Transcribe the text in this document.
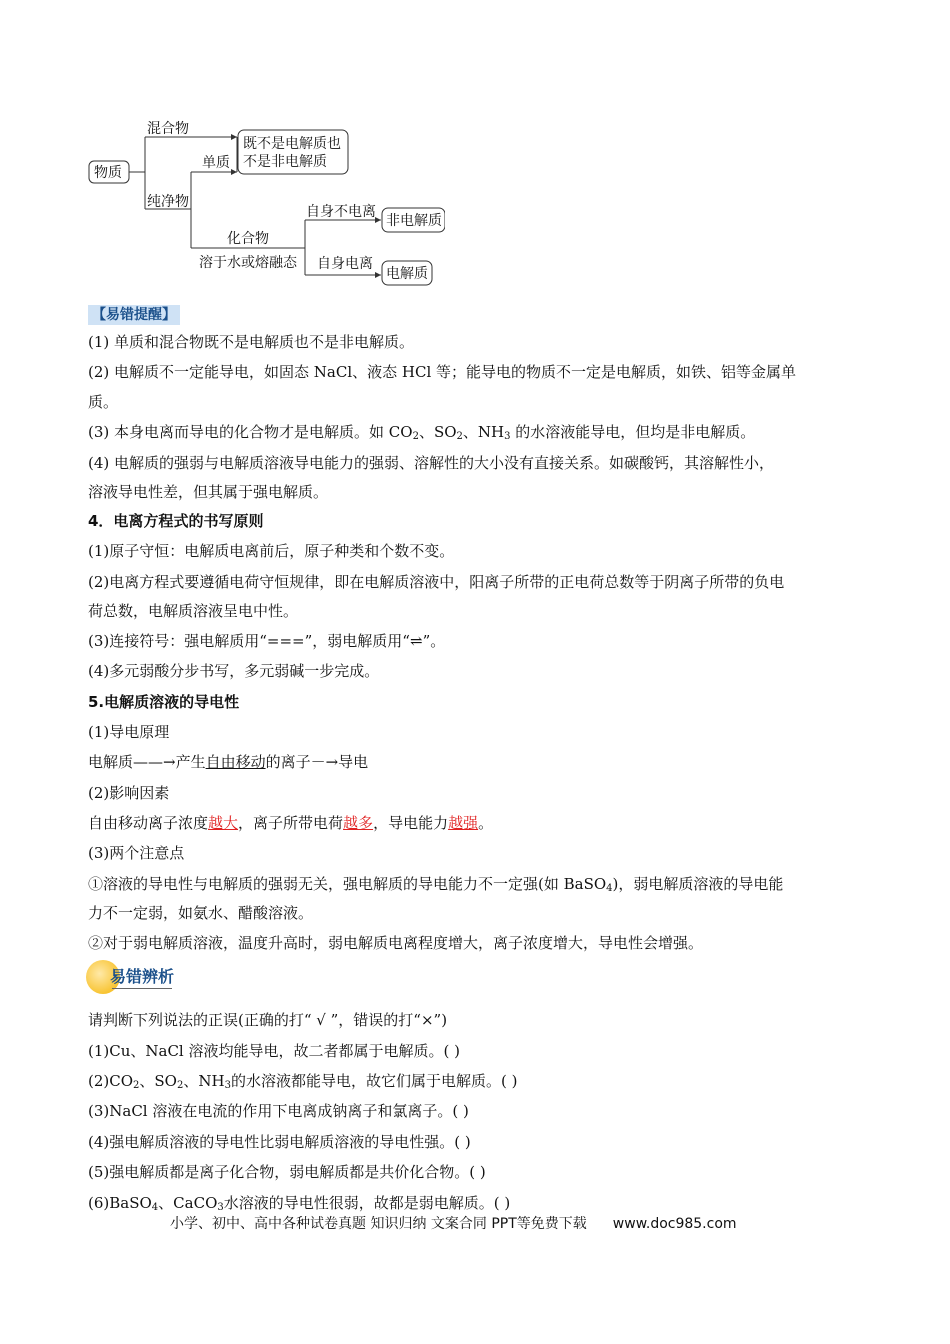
物质
混合物
纯净物
单质
既不是电解质也
不是非电解质
化合物
溶于水或熔融态
自身不电离
非电解质
自身电离
电解质
【易错提醒】
(1) 单质和混合物既不是电解质也不是非电解质。
(2) 电解质不一定能导电，如固态 NaCl、液态 HCl 等；能导电的物质不一定是电解质，如铁、铝等金属单
质。
(3) 本身电离而导电的化合物才是电解质。如 $CO_2$、$SO_2$、$NH_3$ 的水溶液能导电，但均是非电解质。
(4) 电解质的强弱与电解质溶液导电能力的强弱、溶解性的大小没有直接关系。如碳酸钙，其溶解性小，
溶液导电性差，但其属于强电解质。
4．电离方程式的书写原则
(1)原子守恒：电解质电离前后，原子种类和个数不变。
(2)电离方程式要遵循电荷守恒规律，即在电解质溶液中，阳离子所带的正电荷总数等于阴离子所带的负电
荷总数，电解质溶液呈电中性。
(3)连接符号：强电解质用“===”，弱电解质用“⇌”。
(4)多元弱酸分步书写，多元弱碱一步完成。
5.电解质溶液的导电性
(1)导电原理
电解质——→产生自由移动的离子－→导电
(2)影响因素
自由移动离子浓度越大，离子所带电荷越多，导电能力越强。
(3)两个注意点
①溶液的导电性与电解质的强弱无关，强电解质的导电能力不一定强(如 BaSO$_4$)，弱电解质溶液的导电能
力不一定弱，如氨水、醋酸溶液。
②对于弱电解质溶液，温度升高时，弱电解质电离程度增大，离子浓度增大，导电性会增强。
易错辨析
请判断下列说法的正误(正确的打“ √ ”，错误的打“×”)
(1)Cu、NaCl 溶液均能导电，故二者都属于电解质。( )
$(2)CO_2$、$SO_2$、$NH_3$的水溶液都能导电，故它们属于电解质。( )
(3)NaCl 溶液在电流的作用下电离成钠离子和氯离子。( )
(4)强电解质溶液的导电性比弱电解质溶液的导电性强。( )
(5)强电解质都是离子化合物，弱电解质都是共价化合物。( )
(6)BaSO$_4$、CaCO$_3$水溶液的导电性很弱，故都是弱电解质。( )
小学、初中、高中各种试卷真题 知识归纳 文案合同 PPT等免费下载 www.doc985.com
